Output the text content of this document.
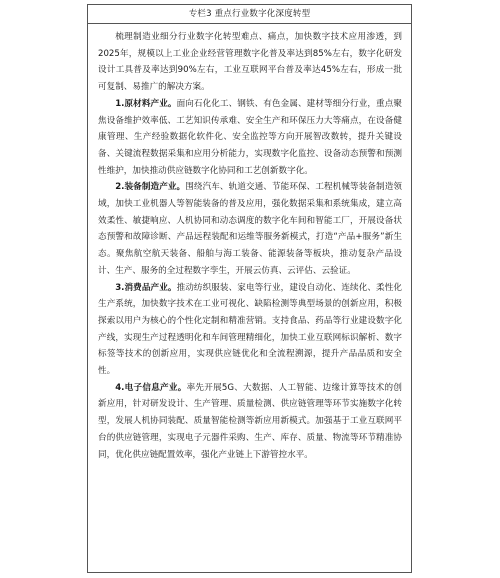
专栏3 重点行业数字化深度转型

梳理制造业细分行业数字化转型难点、痛点，加快数字技术应用渗透，到2025年，规模以上工业企业经营管理数字化普及率达到85%左右，数字化研发设计工具普及率达到90%左右，工业互联网平台普及率达45%左右，形成一批可复制、易推广的解决方案。

1.原材料产业。面向石化化工、钢铁、有色金属、建材等细分行业，重点聚焦设备维护效率低、工艺知识传承难、安全生产和环保压力大等痛点，在设备健康管理、生产经验数据化软件化、安全监控等方向开展智改数转，提升关键设备、关键流程数据采集和应用分析能力，实现数字化监控、设备动态预警和预测性维护，加快推动供应链数字化协同和工艺创新数字化。

2.装备制造产业。围绕汽车、轨道交通、节能环保、工程机械等装备制造领域，加快工业机器人等智能装备的普及应用，强化数据采集和系统集成，建立高效柔性、敏捷响应、人机协同和动态调度的数字化车间和智能工厂，开展设备状态预警和故障诊断、产品远程装配和运维等服务新模式，打造“产品+服务”新生态。聚焦航空航天装备、船舶与海工装备、能源装备等板块，推动复杂产品设计、生产、服务的全过程数字孪生，开展云仿真、云评估、云验证。

3.消费品产业。推动纺织服装、家电等行业，建设自动化、连续化、柔性化生产系统，加快数字技术在工业可视化、缺陷检测等典型场景的创新应用，积极探索以用户为核心的个性化定制和精准营销。支持食品、药品等行业建设数字化产线，实现生产过程透明化和车间管理精细化，加快工业互联网标识解析、数字标签等技术的创新应用，实现供应链优化和全流程溯源，提升产品品质和安全性。

4.电子信息产业。率先开展5G、大数据、人工智能、边缘计算等技术的创新应用，针对研发设计、生产管理、质量检测、供应链管理等环节实施数字化转型，发展人机协同装配、质量智能检测等新应用新模式。加强基于工业互联网平台的供应链管理，实现电子元器件采购、生产、库存、质量、物流等环节精准协同，优化供应链配置效率，强化产业链上下游管控水平。
